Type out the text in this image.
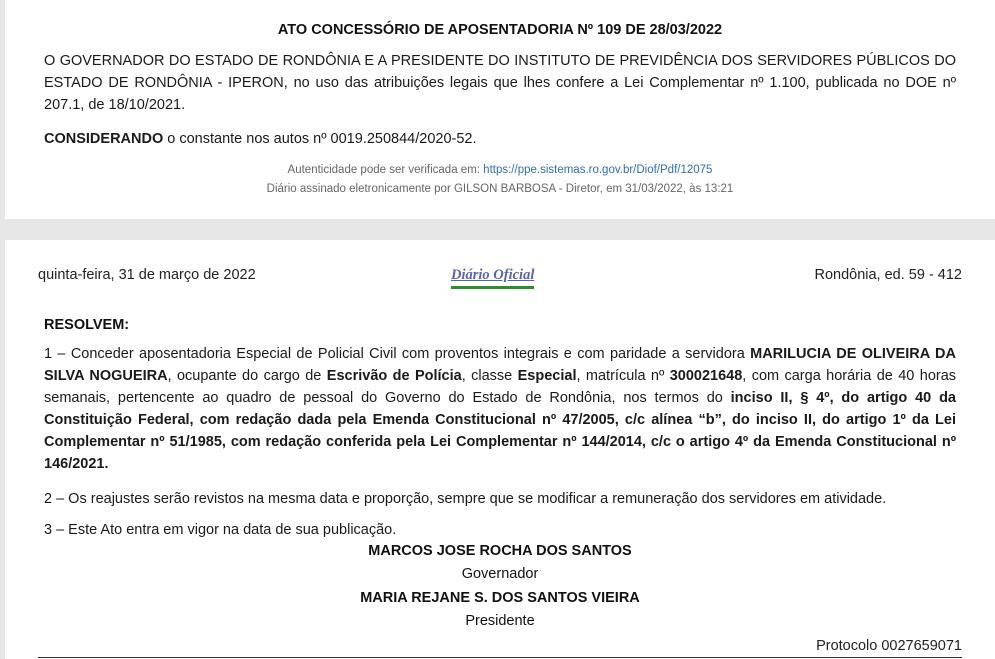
ATO CONCESSÓRIO DE APOSENTADORIA Nº 109 DE 28/03/2022
O GOVERNADOR DO ESTADO DE RONDÔNIA E A PRESIDENTE DO INSTITUTO DE PREVIDÊNCIA DOS SERVIDORES PÚBLICOS DO ESTADO DE RONDÔNIA - IPERON, no uso das atribuições legais que lhes confere a Lei Complementar nº 1.100, publicada no DOE nº 207.1, de 18/10/2021.
CONSIDERANDO o constante nos autos nº 0019.250844/2020-52.
Autenticidade pode ser verificada em: https://ppe.sistemas.ro.gov.br/Diof/Pdf/12075
Diário assinado eletronicamente por GILSON BARBOSA - Diretor, em 31/03/2022, às 13:21
quinta-feira, 31 de março de 2022	Diário Oficial	Rondônia, ed. 59 - 412
RESOLVEM:
1 – Conceder aposentadoria Especial de Policial Civil com proventos integrais e com paridade a servidora MARILUCIA DE OLIVEIRA DA SILVA NOGUEIRA, ocupante do cargo de Escrivão de Polícia, classe Especial, matrícula nº 300021648, com carga horária de 40 horas semanais, pertencente ao quadro de pessoal do Governo do Estado de Rondônia, nos termos do inciso II, § 4º, do artigo 40 da Constituição Federal, com redação dada pela Emenda Constitucional nº 47/2005, c/c alínea “b”, do inciso II, do artigo 1º da Lei Complementar nº 51/1985, com redação conferida pela Lei Complementar nº 144/2014, c/c o artigo 4º da Emenda Constitucional nº 146/2021.
2 – Os reajustes serão revistos na mesma data e proporção, sempre que se modificar a remuneração dos servidores em atividade.
3 – Este Ato entra em vigor na data de sua publicação.
MARCOS JOSE ROCHA DOS SANTOS
Governador
MARIA REJANE S. DOS SANTOS VIEIRA
Presidente
Protocolo 0027659071
